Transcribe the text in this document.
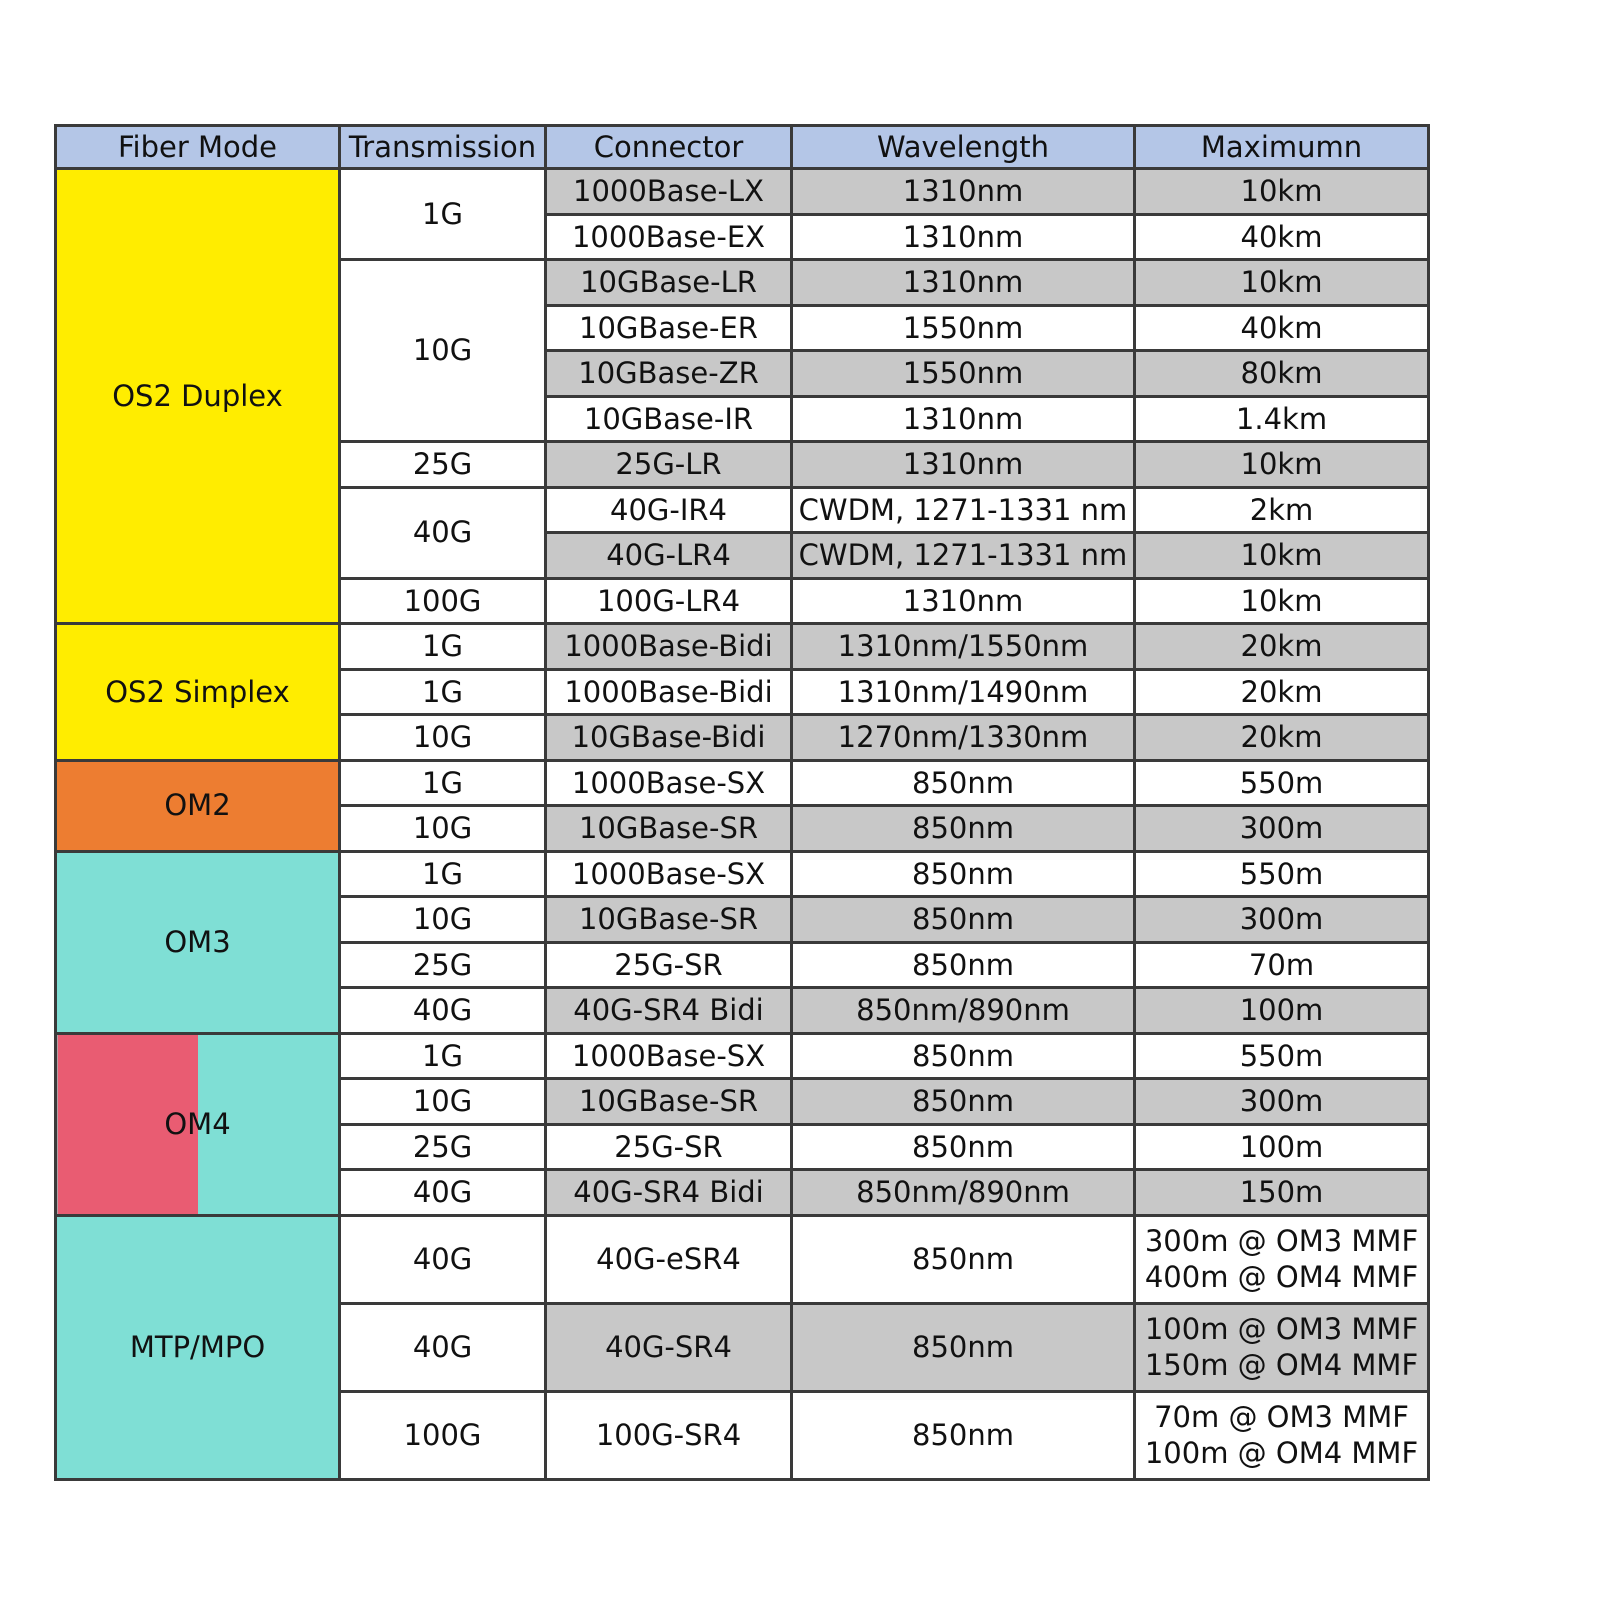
Fiber Mode	Transmission	Connector	Wavelength	Maximumn
OS2 Duplex	1G	1000Base-LX	1310nm	10km
		1000Base-EX	1310nm	40km
	10G	10GBase-LR	1310nm	10km
		10GBase-ER	1550nm	40km
		10GBase-ZR	1550nm	80km
		10GBase-IR	1310nm	1.4km
	25G	25G-LR	1310nm	10km
	40G	40G-IR4	CWDM, 1271-1331 nm	2km
		40G-LR4	CWDM, 1271-1331 nm	10km
	100G	100G-LR4	1310nm	10km
OS2 Simplex	1G	1000Base-Bidi	1310nm/1550nm	20km
	1G	1000Base-Bidi	1310nm/1490nm	20km
	10G	10GBase-Bidi	1270nm/1330nm	20km
OM2	1G	1000Base-SX	850nm	550m
	10G	10GBase-SR	850nm	300m
OM3	1G	1000Base-SX	850nm	550m
	10G	10GBase-SR	850nm	300m
	25G	25G-SR	850nm	70m
	40G	40G-SR4 Bidi	850nm/890nm	100m
OM4	1G	1000Base-SX	850nm	550m
	10G	10GBase-SR	850nm	300m
	25G	25G-SR	850nm	100m
	40G	40G-SR4 Bidi	850nm/890nm	150m
MTP/MPO	40G	40G-eSR4	850nm	300m @ OM3 MMF
400m @ OM4 MMF

	40G	40G-SR4	850nm	100m @ OM3 MMF
150m @ OM4 MMF

	100G	100G-SR4	850nm	70m @ OM3 MMF
100m @ OM4 MMF
